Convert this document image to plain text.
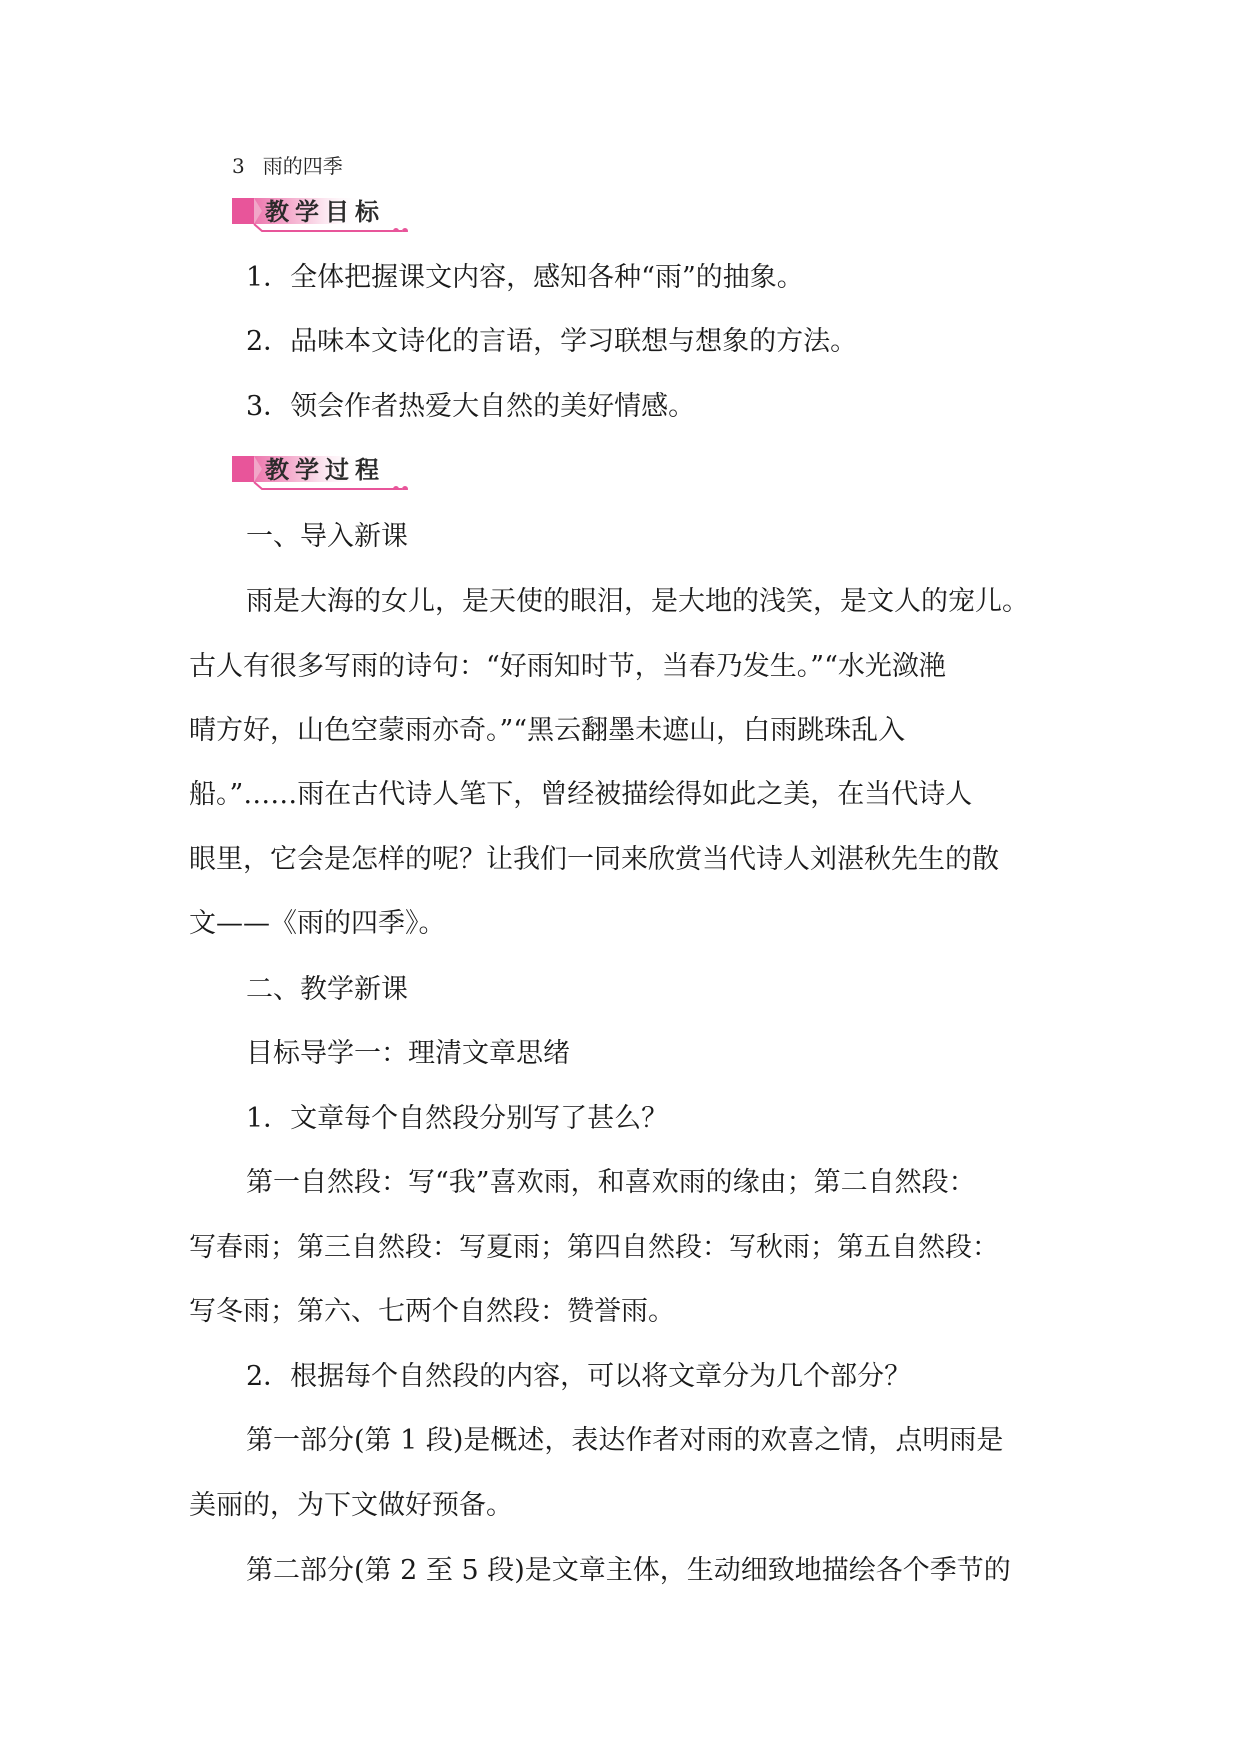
3 雨的四季
教学目标
1．全体把握课文内容，感知各种“雨”的抽象。
2．品味本文诗化的言语，学习联想与想象的方法。
3．领会作者热爱大自然的美好情感。
教学过程
一、导入新课
雨是大海的女儿，是天使的眼泪，是大地的浅笑，是文人的宠儿。
古人有很多写雨的诗句：“好雨知时节，当春乃发生。”“水光潋滟
晴方好，山色空蒙雨亦奇。”“黑云翻墨未遮山，白雨跳珠乱入
船。”……雨在古代诗人笔下，曾经被描绘得如此之美，在当代诗人
眼里，它会是怎样的呢？让我们一同来欣赏当代诗人刘湛秋先生的散
文——《雨的四季》。
二、教学新课
目标导学一：理清文章思绪
1．文章每个自然段分别写了甚么？
第一自然段：写“我”喜欢雨，和喜欢雨的缘由；第二自然段：
写春雨；第三自然段：写夏雨；第四自然段：写秋雨；第五自然段：
写冬雨；第六、七两个自然段：赞誉雨。
2．根据每个自然段的内容，可以将文章分为几个部分？
第一部分(第 1 段)是概述，表达作者对雨的欢喜之情，点明雨是
美丽的，为下文做好预备。
第二部分(第 2 至 5 段)是文章主体，生动细致地描绘各个季节的
